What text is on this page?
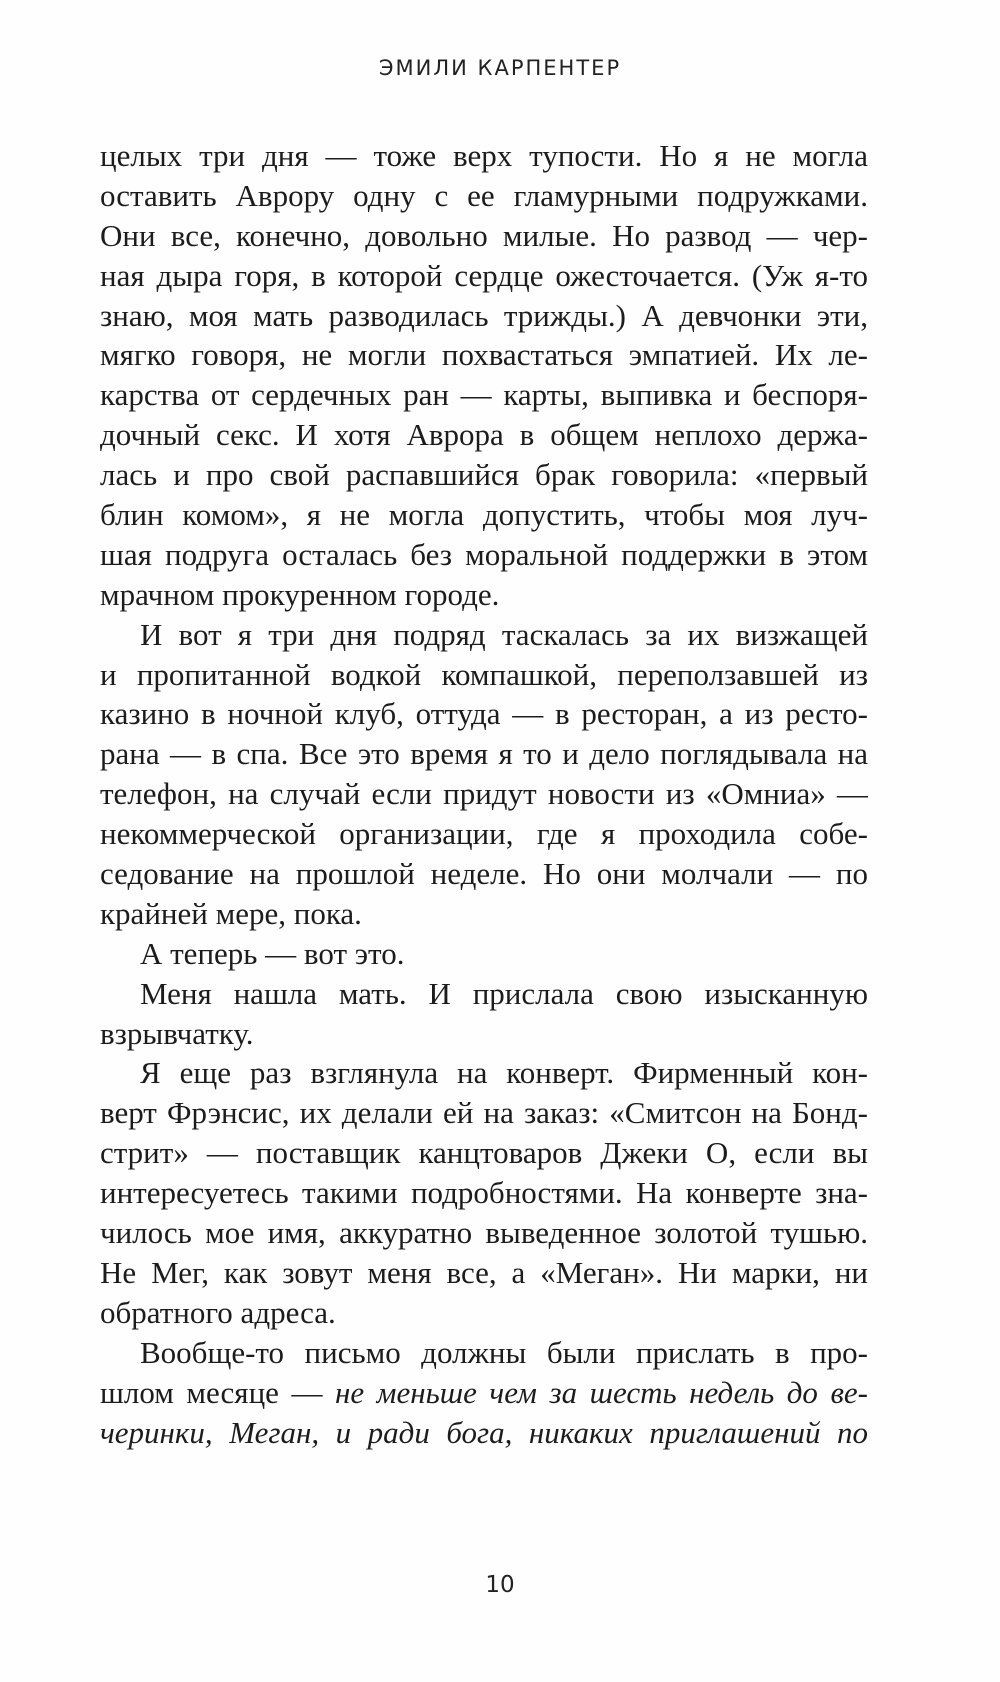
ЭМИЛИ КАРПЕНТЕР
целых три дня — тоже верх тупости. Но я не могла
оставить Аврору одну с ее гламурными подружками.
Они все, конечно, довольно милые. Но развод — чер-
ная дыра горя, в которой сердце ожесточается. (Уж я-то
знаю, моя мать разводилась трижды.) А девчонки эти,
мягко говоря, не могли похвастаться эмпатией. Их ле-
карства от сердечных ран — карты, выпивка и беспоря-
дочный секс. И хотя Аврора в общем неплохо держа-
лась и про свой распавшийся брак говорила: «первый
блин комом», я не могла допустить, чтобы моя луч-
шая подруга осталась без моральной поддержки в этом
мрачном прокуренном городе.
И вот я три дня подряд таскалась за их визжащей
и пропитанной водкой компашкой, переползавшей из
казино в ночной клуб, оттуда — в ресторан, а из ресто-
рана — в спа. Все это время я то и дело поглядывала на
телефон, на случай если придут новости из «Омниа» —
некоммерческой организации, где я проходила собе-
седование на прошлой неделе. Но они молчали — по
крайней мере, пока.
А теперь — вот это.
Меня нашла мать. И прислала свою изысканную
взрывчатку.
Я еще раз взглянула на конверт. Фирменный кон-
верт Фрэнсис, их делали ей на заказ: «Смитсон на Бонд-
стрит» — поставщик канцтоваров Джеки О, если вы
интересуетесь такими подробностями. На конверте зна-
чилось мое имя, аккуратно выведенное золотой тушью.
Не Мег, как зовут меня все, а «Меган». Ни марки, ни
обратного адреса.
Вообще-то письмо должны были прислать в про-
шлом месяце — не меньше чем за шесть недель до ве-
черинки, Меган, и ради бога, никаких приглашений по
10
